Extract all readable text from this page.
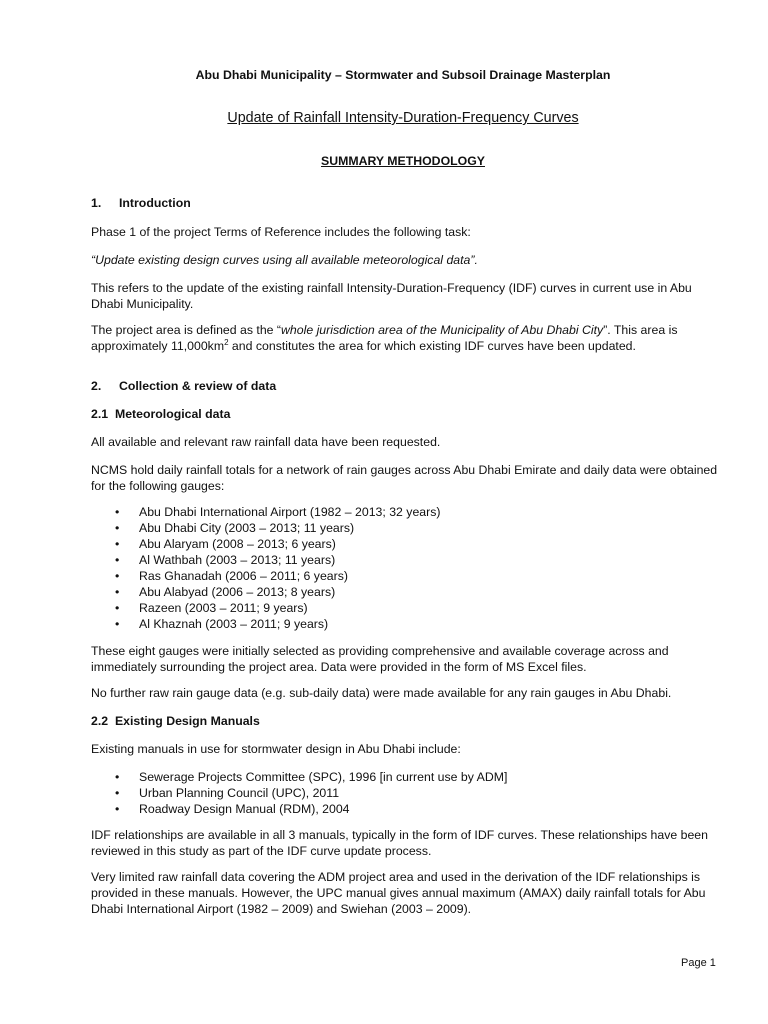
Abu Dhabi Municipality – Stormwater and Subsoil Drainage Masterplan
Update of Rainfall Intensity-Duration-Frequency Curves
SUMMARY METHODOLOGY
1. Introduction

Phase 1 of the project Terms of Reference includes the following task:

“Update existing design curves using all available meteorological data”.

This refers to the update of the existing rainfall Intensity-Duration-Frequency (IDF) curves in current use in Abu Dhabi Municipality.

The project area is defined as the “whole jurisdiction area of the Municipality of Abu Dhabi City”. This area is approximately $11,000km^2$ and constitutes the area for which existing IDF curves have been updated.

2. Collection & review of data
2.1 Meteorological data

All available and relevant raw rainfall data have been requested.

NCMS hold daily rainfall totals for a network of rain gauges across Abu Dhabi Emirate and daily data were obtained for the following gauges:

• Abu Dhabi International Airport (1982 – 2013; 32 years)
• Abu Dhabi City (2003 – 2013; 11 years)
• Abu Alaryam (2008 – 2013; 6 years)
• Al Wathbah (2003 – 2013; 11 years)
• Ras Ghanadah (2006 – 2011; 6 years)
• Abu Alabyad (2006 – 2013; 8 years)
• Razeen (2003 – 2011; 9 years)
• Al Khaznah (2003 – 2011; 9 years)

These eight gauges were initially selected as providing comprehensive and available coverage across and immediately surrounding the project area. Data were provided in the form of MS Excel files.

No further raw rain gauge data (e.g. sub-daily data) were made available for any rain gauges in Abu Dhabi.

2.2 Existing Design Manuals

Existing manuals in use for stormwater design in Abu Dhabi include:

• Sewerage Projects Committee (SPC), 1996 [in current use by ADM]
• Urban Planning Council (UPC), 2011
• Roadway Design Manual (RDM), 2004

IDF relationships are available in all 3 manuals, typically in the form of IDF curves. These relationships have been reviewed in this study as part of the IDF curve update process.

Very limited raw rainfall data covering the ADM project area and used in the derivation of the IDF relationships is provided in these manuals. However, the UPC manual gives annual maximum (AMAX) daily rainfall totals for Abu Dhabi International Airport (1982 – 2009) and Swiehan (2003 – 2009).

Page 1
